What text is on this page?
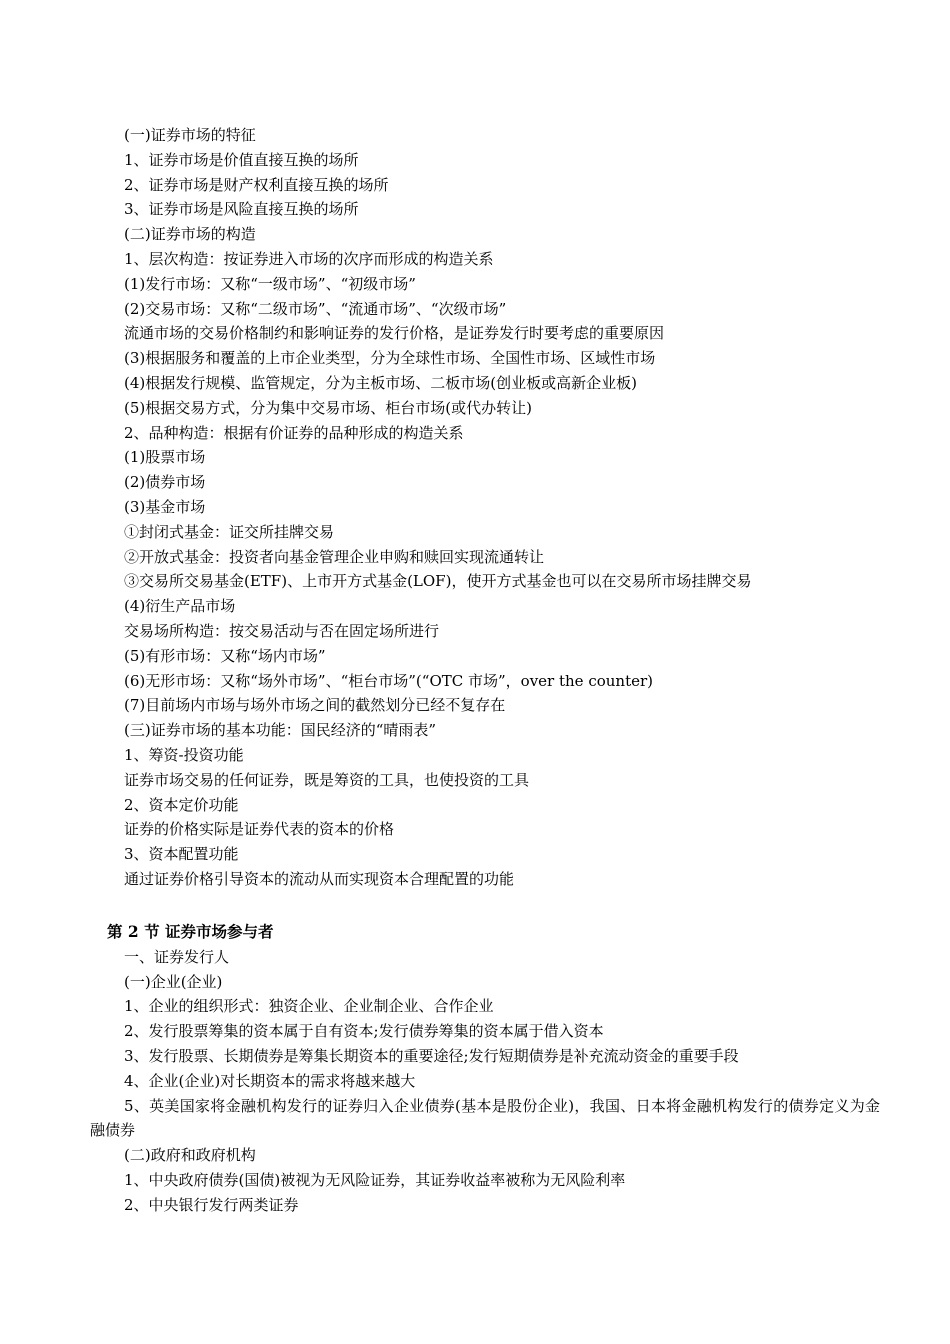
(一)证券市场的特征
1、证券市场是价值直接互换的场所
2、证券市场是财产权利直接互换的场所
3、证券市场是风险直接互换的场所
(二)证券市场的构造
1、层次构造：按证券进入市场的次序而形成的构造关系
(1)发行市场：又称“一级市场”、“初级市场”
(2)交易市场：又称“二级市场”、“流通市场”、“次级市场”
流通市场的交易价格制约和影响证券的发行价格，是证券发行时要考虑的重要原因
(3)根据服务和覆盖的上市企业类型，分为全球性市场、全国性市场、区域性市场
(4)根据发行规模、监管规定，分为主板市场、二板市场(创业板或高新企业板)
(5)根据交易方式，分为集中交易市场、柜台市场(或代办转让)
2、品种构造：根据有价证券的品种形成的构造关系
(1)股票市场
(2)债券市场
(3)基金市场
①封闭式基金：证交所挂牌交易
②开放式基金：投资者向基金管理企业申购和赎回实现流通转让
③交易所交易基金(ETF)、上市开方式基金(LOF)，使开方式基金也可以在交易所市场挂牌交易
(4)衍生产品市场
交易场所构造：按交易活动与否在固定场所进行
(5)有形市场：又称“场内市场”
(6)无形市场：又称“场外市场”、“柜台市场”(“OTC 市场”，over the counter)
(7)目前场内市场与场外市场之间的截然划分已经不复存在
(三)证券市场的基本功能：国民经济的“晴雨表”
1、筹资-投资功能
证券市场交易的任何证券，既是筹资的工具，也使投资的工具
2、资本定价功能
证券的价格实际是证券代表的资本的价格
3、资本配置功能
通过证券价格引导资本的流动从而实现资本合理配置的功能
第 2 节 证券市场参与者
一、证券发行人
(一)企业(企业)
1、企业的组织形式：独资企业、企业制企业、合作企业
2、发行股票筹集的资本属于自有资本;发行债券筹集的资本属于借入资本
3、发行股票、长期债券是筹集长期资本的重要途径;发行短期债券是补充流动资金的重要手段
4、企业(企业)对长期资本的需求将越来越大
5、英美国家将金融机构发行的证券归入企业债券(基本是股份企业)，我国、日本将金融机构发行的债券定义为金融债券
(二)政府和政府机构
1、中央政府债券(国债)被视为无风险证券，其证券收益率被称为无风险利率
2、中央银行发行两类证券
